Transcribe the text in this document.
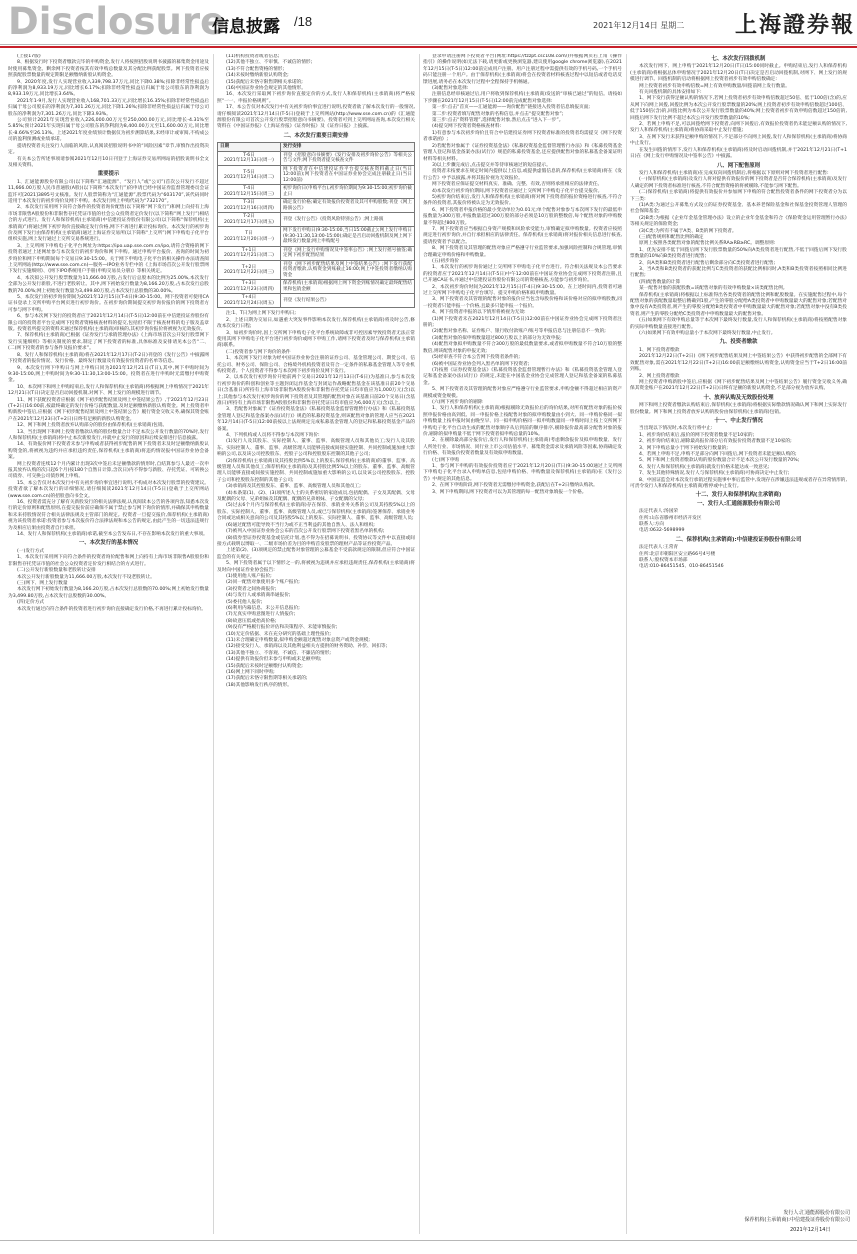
Disclosure
信息披露 /18	2021年12月14日 星期二 上海證券報

(上接17版)

8、根据发行时下投资者缴款完毕的申购资金,发行人将按照招股说明书披露的募集资金用途及时使用募集资金。剩余网下投资者按其有效申购总数量及其分配比例获配股票。网下投资者应按照获配股票数量的规定期限足额缴纳新股认购资金。

9、2020年度,发行人实现营业收入339,798.37万元,同比下降0.38%;扣除非经常性损益后的净利润为8,933.19万元,同比增长6.17%;扣除非经常性损益后归属于母公司股东的净利润为8,933.19万元,同比增长3.64%。

2021年1-9月,发行人实现营业收入168,701.33万元,同比增长16.35%;扣除非经常性损益后归属于母公司股东的净利润为7,301.26万元,同比下降1.26%;扣除非经常性损益后归属于母公司股东的净利润为7,301.26万元,同比下降3.93%。

公司预计2021年实现营业收入226,000.00万元至250,000.00万元,同比增长-4.31%至5.85%;预计2021年实现归属于母公司股东的净利润为8,400.00万元至11,600.00万元,同比增长-8.66%至26.13%。上述2021年度业绩预计数据仅为初步测算结果,未经审计或审阅,不构成公司的盈利预测或业绩承诺。

提请投资者关注发行人面临的风险,认真阅读招股说明书中的“风险因素”章节,审慎作出投资决定。

有关本公告所述事项请参阅2021年12月10日刊登于上海证券交易所网站的招股说明书全文及相关资料。

重要提示

1、汇通能源股份有限公司(以下简称“汇通能源”、“发行人”或“公司”)首次公开发行不超过11,666.00万股人民币普通股(A股)(以下简称“本次发行”)的申请已经中国证券监督管理委员会证监许可[2021]3895号文核准。发行人股票简称为“汇通能源”,股票代码为“603170”,该代码同时适用于本次发行的初步询价及网下申购。本次发行网上申购代码为“732170”。

2、本次发行采用网下向符合条件的投资者询价配售(以下简称“网下发行”)和网上向持有上海市场非限售A股股份和非限售存托凭证市值的社会公众投资者定价发行(以下简称“网上发行”)相结合的方式进行。发行人和保荐机构(主承销商)中信建投证券股份有限公司(以下简称“保荐机构(主承销商)”)将通过网下初步询价直接确定发行价格,网下不再进行累计投标询价。本次发行的初步询价及网下发行由保荐机构(主承销商)通过上海证券交易所(以下简称“上交所”)网下申购电子化平台组织实施,网上发行通过上交所交易系统进行。

3、上交所网下申购电子化平台网址为:https://ipo.uap.sse.com.cn/ipo,请符合资格的网下投资者通过上述网址参与本次发行的初步询价和网下申购。通过申购平台报价、查询的时间为初步询价和网下申购期间每个交易日9:30-15:00。关于网下申购电子化平台的相关操作办法请查阅上交所网站(http://www.sse.com.cn)—服务—IPO业务专栏中的《上海市场首次公开发行股票网下发行实施细则》、《网下IPO系统用户手册(申购交易员分册)》等相关规定。

4、本次拟公开发行股票数量为11,666.00万股,占发行后总股本的比例为25.00%,本次发行全部为公开发行新股,不进行老股转让。其中,网下初始发行数量为8,166.20万股,占本次发行总股数的70.00%;网上初始发行数量为3,499.80万股,占本次发行总股数的30.00%。

5、本次发行的初步询价期间为2021年12月15日(T-4日)9:30-15:00。网下投资者可使用CA证书登录上交所申购平台网页进行初步询价。在初步询价期间提交初步询价报价的网下投资者方可参与网下申购。

6、参与本次网下发行的投资者应于2021年12月14日(T-5日)12:00前在中信建投证券股份有限公司的投资者平台完成网下投资者资格核查材料的提交,包括但不限于核查材料的电子版及盖章版。投资者所提交的资料未通过保荐机构(主承销商)审核的,其初步询价报价将被视为无效报价。

7、保荐机构(主承销商)已根据《证券发行与承销管理办法》《上海市场首次公开发行股票网下发行实施细则》等相关制度的要求,制定了网下投资者的标准,具体标准及安排请见本公告“二、(二)网下投资者的参与条件及报价要求”。

8、发行人和保荐机构(主承销商)将在2021年12月17日(T-2日)刊登的《发行公告》中披露网下投资者的报价情况、发行价格、最终发行数量及有效报价投资者的名单等信息。

9、本次发行网下申购日与网上申购日同为2021年12月21日(T日),其中,网下申购时间为9:30-15:00,网上申购时间为9:30-11:30,13:00-15:00。投资者在进行申购时无需缴付申购资金。

10、本次网下和网上申购结束后,发行人和保荐机构(主承销商)将根据网上申购情况于2021年12月21日(T日)决定是否启动回拨机制,对网下、网上发行的规模进行调节。

11、网下获配投资者应根据《网下初步配售结果及网上中签结果公告》,于2021年12月23日(T+2日)16:00前,按最终确定的发行价格与获配数量,及时足额缴纳新股认购资金。网上投资者申购新股中签后,应根据《网下初步配售结果及网上中签结果公告》履行资金交收义务,确保其资金账户在2021年12月23日(T+2日)日终有足额的新股认购资金。

12、网下和网上投资者放弃认购部分的股份由保荐机构(主承销商)包销。

13、当出现网下和网上投资者缴款认购的股份数量合计不足本次公开发行数量的70%时,发行人和保荐机构(主承销商)将中止本次新股发行,并就中止发行的原因和后续安排进行信息披露。

14、有效报价网下投资者未参与申购或者获得初步配售的网下投资者未及时足额缴纳新股认购资金的,将被视为违约并应承担违约责任,保荐机构(主承销商)将违约情况报中国证券业协会备案。

网上投资者连续12个月内累计出现3次中签后未足额缴款的情形时,自结算参与人最近一次申报其放弃认购的次日起6个月(按180个自然日计算,含次日)内不得参与新股、存托凭证、可转换公司债券、可交换公司债券网上申购。

15、本公告仅对本次发行中有关初步询价事宜进行说明,不构成对本次发行股票的投资建议。投资者欲了解本次发行的详细情况,请仔细阅读2021年12月14日(T-5日)登载于上交所网站(www.sse.com.cn)的招股意向书全文。

16、投资者需充分了解有关新股发行的相关法律法规,认真阅读本公告的各项内容,知悉本次发行的定价原则和配售原则,在提交报价前应确保不属于禁止参与网下询价的情形,并确保其申购数量和未来持股情况符合相关法律法规及主管部门的规定。投资者一旦提交报价,保荐机构(主承销商)视为该投资者承诺:投资者参与本次报价符合法律法规和本公告的规定,由此产生的一切违法违规行为及相应后果由投资者自行承担。

14、发行人和保荐机构(主承销商)承诺,截至本公告发布日,不存在影响本次发行的重大事项。

一、本次发行的基本情况

(一)发行方式

1、本次发行采用网下向符合条件的投资者询价配售和网上向持有上海市场非限售A股股份和非限售存托凭证市值的社会公众投资者定价发行相结合的方式进行。

(二)公开发行新股数量和老股转让安排

本次公开发行新股数量为11,666.00万股,本次发行不设老股转让。

(三)网下、网上发行数量

本次发行网下初始发行数量为8,166.20万股,占本次发行总股数的70.00%;网上初始发行数量为3,499.80万股,占本次发行总股数的30.00%。

(四)定价方式

本次发行通过向符合条件的投资者进行初步询价直接确定发行价格,不再进行累计投标询价。

(11)机构投资者或者信息;

(12)其他不独立、不审慎、不诚信的情形;

(13)不符合配售资格的情形;

(14)未按时缴纳新股认购资金;

(15)获配后未恪守限售期相关承诺的;

(16)中国证券业协会规定的其他情形。

16、本次发行采取网下初步询价直接定价的方式,发行人和保荐机构(主承销商)将严格按照“一一、申报价格规则”。

17、本公告仅对本次发行中有关初步询价事宜进行说明,投资者欲了解本次发行的一般情况,请仔细阅读2021年12月14日(T-5日)登载于上交所网站(http://www.sse.com.cn)的《汇通能源股份有限公司首次公开发行股票招股意向书摘要》。投资者可到上交所网站查询,本次发行相关资料在《中国证券报》《上海证券报》《证券时报》及《证券日报》上披露。

二、本次发行重要日期安排

日期	发行安排
T-6日
2021年12月13日(周一)	刊登《招股意向书摘要》《发行安排及初步询价公告》等相关公告与文件;网下投资者提交核查文件
T-5日
2021年12月14日(周二)	网下投资者在中信建投证券平台提交核查资料截止日(当日12:00前);网下投资者在中国证券业协会完成注册截止日(当日12:00前)
T-4日
2021年12月15日(周三)	初步询价日(申购平台),初步询价期间为9:30-15:00;初步询价截止日
T-3日
2021年12月16日(周四)	确定发行价格;确定有效报价投资者及其可申购股数;刊登《网上路演公告》
T-2日
2021年12月17日(周五)	刊登《发行公告》《投资风险特别公告》;网上路演
T日
2021年12月20日(周一)	网下发行申购日(9:30-15:00,当日15:00截止);网上发行申购日(9:30-11:30,13:00-15:00);确定是否启动回拨机制及网上网下最终发行数量;网上申购配号
T+1日
2021年12月21日(周二)	刊登《网上发行申购情况及中签率公告》;网上发行摇号抽签;确定网下初步配售结果
T+2日
2021年12月22日(周三)	刊登《网下初步配售结果及网上中签结果公告》;网下发行获配投资者缴款,认购资金到账截止16:00;网上中签投资者缴纳认购资金
T+3日
2021年12月23日(周四)	保荐机构(主承销商)根据网上网下资金到账情况确定最终配售结果和包销金额
T+4日
2021年12月24日(周五)	刊登《发行结果公告》

注:1、T日为网上网下发行申购日;

2、上述日期为交易日,如遇重大突发事件影响本次发行,保荐机构(主承销商)将及时公告,修改本次发行日程;

3、如初步询价时,因上交所网下申购电子化平台系统故障或非可控因素导致投资者无法正常使用其网下申购电子化平台进行初步询价或网下申购工作,请网下投资者及时与保荐机构(主承销商)联系。

(二)投资者参与网下询价的条件

1、本次网下发行对象为经中国证券业协会注册的证券公司、基金管理公司、期货公司、信托公司、财务公司、保险公司、合格境外机构投资者及符合一定条件的私募基金管理人等专业机构投资者。个人投资者不得参与本次网下初步询价及网下发行。

2、以本次发行初步询价开始前两个交易日2021年12月13日(T-6日)为基准日,参与本次发行初步询价的科创和创业等主题封闭运作基金与封闭运作战略配售基金在该基准日前20个交易日(含基准日)所持有上海市场非限售A股股份和非限售存托凭证日均市值应为1,000万元(含)以上;其他参与本次发行初步询价的网下投资者及其管理的配售对象在该基准日前20个交易日(含基准日)所持有上海市场非限售A股股份和非限售存托凭证日均市值应为6,000万元(含)以上。

3、若配售对象属于《证券投资基金法》《私募投资基金监督管理暂行办法》和《私募投资基金管理人登记和基金备案办法(试行)》规范的私募投资基金,则该配售对象的管理人应当在2021年12月14日(T-5日)12:00前按以上法规规定完成私募基金管理人的登记和私募投资基金产品的备案。

4、下列机构或人员将不得参与本次网下询价:

(1)发行人及其股东、实际控制人、董事、监事、高级管理人员和其他员工;发行人及其股东、实际控制人、董事、监事、高级管理人员能够直接或间接实施控制、共同控制或施加重大影响的公司,以及该公司控股股东、控股子公司和控股股东控制的其他子公司;

(2)保荐机构(主承销商)及其持股比例5%以上的股东,保荐机构(主承销商)的董事、监事、高级管理人员和其他员工;保荐机构(主承销商)及其持股比例5%以上的股东、董事、监事、高级管理人员能够直接或间接实施控制、共同控制或施加重大影响的公司,以及该公司控股股东、控股子公司和控股股东控制的其他子公司;

(3)承销商及其控股股东、董事、监事、高级管理人员和其他员工;

(4)本条第(1)、(2)、(3)项所述人士的关系密切的家庭成员,包括配偶、子女及其配偶、父母及配偶的父母、兄弟姐妹及其配偶、配偶的兄弟姐妹、子女配偶的父母;

(5)过去6个月内与保荐机构(主承销商)存在保荐、承销业务关系的公司及其持股5%以上的股东、实际控制人、董事、监事、高级管理人员,或已与保荐机构(主承销商)签署保荐、承销业务合同或达成相关意向的公司及其持股5%以上的股东、实际控制人、董事、监事、高级管理人员;

(6)通过配售可能导致不当行为或不正当利益的其他自然人、法人和组织;

(7)被列入中国证券业协会公布的首次公开发行股票网下投资者黑名单的机构;

(8)债券型证券投资基金或信托计划,也不得为在招募说明书、投资协议等文件中以直接或间接方式载明以博取一、二级市场价差为目的申购首发股票的理财产品等证券投资产品。

上述第(2)、(3)项规定的禁止配售对象管理的公募基金不受前款规定的限制,但应符合中国证监会的有关规定。

5、网下投资者属于以下情形之一的,将被视为违规并应承担违规责任,保荐机构(主承销商)将及时向中国证券业协会报告:

(1)使用他人账户报价;

(2)同一配售对象使用多个账户报价;

(3)投资者之间协商报价;

(4)与发行人或承销商串通报价;

(5)委托他人报价;

(6)利用内幕信息、未公开信息报价;

(7)无真实申购意图进行人情报价;

(8)故意压低或抬高价格;

(9)没有严格履行报价评估和决策程序、未能审慎报价;

(10)无定价依据、未在充分研究的基础上理性报价;

(11)未合理确定申购数量,拟申购金额超过配售对象总资产或资金规模;

(12)接受发行人、承销商以及其他利益相关方提供的财务资助、补偿、回扣等;

(13)其他不独立、不客观、不诚信、不廉洁的情形;

(14)提供有效报价但未参与申购或未足额申购;

(15)获配后未按时足额缴付认购资金;

(16)网上网下同时申购;

(17)获配后未恪守限售期等相关承诺的;

(18)其他影响发行秩序的情形。

登录申请注册网下投资者平台(网址:https://tzzpt.csc108.com/)并根据网页右上角《操作指引》的操作说明(如无法下载,请更新或更换浏览器,建议使用google chrome浏览器),在2021年12月15日(T-5日)12:00前完成用户注册。用户注册过程中需提供有效的手机号码,一个手机号码只能注册一个用户。由于保荐机构(主承销商)将会在投资者材料核查过程中以短信或者电话反馈进展,请务必在本次发行过程中全程保持手机畅通。

(3)配售对象选择:

注册信息经审核通过后,用户将收到保荐机构(主承销商)发送的“审核已通过”的短信。请按如下步骤在2021年12月15日(T-5日)12:00前完成配售对象选择:

第一步:点击“首页——汇通能源——询价配售”链接进入投资者信息填报页面;

第二步:投资者填写配售对象的名称信息,并点击“提交配售对象”;

第三步:点击“资料管理”,选择配售对象,然后点击“进入下一步”。

(4)提交网下投资者资格核查材料:

1)有意参与本次初步询价且符合中信建投证券网下投资者标准的投资者均需提交《网下投资者承诺函》;

2)若配售对象属于《证券投资基金法》《私募投资基金监督管理暂行办法》和《私募投资基金管理人登记和基金备案办法(试行)》规范的私募投资基金,还应提供配售对象的私募基金备案证明材料等相关材料。

3)以上步骤完成后,点击提交并等待审核通过的短信提示。

投资者未按要求在规定时间内提供以上信息,或提供虚假信息的,保荐机构(主承销商)将在《发行公告》中予以披露,并将其报价视为无效报价。

网下投资者应保证提交材料真实、准确、完整、有效,否则将承担相应的法律责任。

4)本次发行初步询价期间,网下投资者应通过上交所网下申购电子化平台提交报价。

5)初步询价结束后,发行人和保荐机构(主承销商)将对网下投资者的报价资格进行核查,不符合条件的投资者,其报价将被认定为无效报价。

6、网下投资者申报价格的最小变动单位为0.01元;单个配售对象参与本次网下发行的最低申报数量为300万股,申报数量超过300万股的部分必须是10万股的整数倍,每个配售对象的申购数量不得超过800万股。

7、网下投资者应当根据自身资产规模和风险承受能力,审慎确定拟申购数量。投资者应按照规定进行初步询价,并自行承担相应的法律责任。保荐机构(主承销商)将对报价相关信息进行核查,提请投资者予以配合。

8、网下投资者及其管理的配售对象应严格遵守行业监管要求,加强风险控制和合规管理,审慎合理确定申购价格和申购数量。

(五)初步询价

1、本次发行的初步询价通过上交所网下申购电子化平台进行。符合相关法规及本公告要求的投资者应于2021年12月14日(T-5日)中午12:00前在中国证券业协会完成网下投资者注册,且已开通CA证书,并通过中信建投证券股份有限公司的资格核查,方能参与初步询价。

2、本次初步询价时间为2021年12月15日(T-4日)9:30-15:00。在上述时间内,投资者可通过上交所网下申购电子化平台填写、提交申购价格和拟申购数量。

3、网下投资者及其管理的配售对象的报价应当包含每股价格和该价格对应的拟申购股数,同一投资者只能申报一个价格,且最多只能申报一个报价。

4、网下投资者申报的以下情形将被视为无效:

(1)网下投资者未在2021年12月14日(T-5日)12:00前在中国证券业协会完成网下投资者注册的;

(2)配售对象名称、证券账户、银行收付款账户/账号等申报信息与注册信息不一致的;

(3)配售对象的拟申购数量超过800万股以上的部分为无效申报;

(4)配售对象拟申购数量不符合300万股的最低数量要求,或者拟申购数量不符合10万股的整数倍,则该配售对象的申报无效;

(5)经审查不符合本公告网下投资者条件的;

(6)被中国证券业协会列入黑名单的网下投资者;

(7)按照《证券投资基金法》《私募投资基金监督管理暂行办法》和《私募投资基金管理人登记和基金备案办法(试行)》的规定,未能在中国基金业协会完成管理人登记和基金备案的私募基金。

5、网下投资者及其管理的配售对象应严格遵守行业监管要求,申购金额不得超过相应的资产规模或资金规模。

(六)网下初步询价的剔除

1、发行人和保荐机构(主承销商)根据剔除无效报价后的询价结果,对所有配售对象的报价按照申报价格由高到低、同一申报价格上按配售对象的拟申购数量由小到大、同一申购价格同一拟申购数量上按申报时间由晚至早、同一拟申购价格同一拟申购数量同一申购时间上按上交所网下申购电子化平台自动生成的配售对象顺序从后到前的顺序排序,剔除报价最高部分配售对象的报价,剔除的拟申购量不低于网下投资者拟申购总量的10%。

2、在剔除最高部分报价后,发行人和保荐机构(主承销商)考虑剩余报价及拟申购数量、发行人所处行业、市场情况、同行业上市公司估值水平、募集资金需求及承销风险等因素,协商确定发行价格、有效报价投资者数量及有效拟申购数量。

(七)网下申购

1、参与网下申购的有效报价投资者应于2021年12月20日(T日)9:30-15:00通过上交所网下申购电子化平台录入申购单信息,包括申购价格、申购数量及保荐机构(主承销商)在《发行公告》中规定的其他信息。

2、在网下申购阶段,网下投资者无需缴付申购资金,获配后在T+2日缴纳认购款。

3、网下申购期间,网下投资者可以为其管理的每一配售对象填报一个价格。

七、本次发行回拨机制

本次发行网下、网上申购于2021年12月20日(T日)15:00同时截止。申购结束后,发行人和保荐机构(主承销商)将根据总体申购情况于2021年12月20日(T日)决定是否启动回拨机制,对网下、网上发行的规模进行调节。回拨机制的启动将根据网上投资者初步有效申购倍数确定:

网上投资者初步有效申购倍数=网上有效申购数量/回拨前网上发行数量。

有关回拨机制的具体安排如下:

1、网下发行获得足额认购的情况下,若网上投资者初步有效申购倍数超过50倍、低于100倍(含)的,应从网下向网上回拨,回拨比例为本次公开发行股票数量的20%;网上投资者初步有效申购倍数超过100倍、低于150倍(含)的,回拨比例为本次公开发行股票数量的40%;网上投资者初步有效申购倍数超过150倍的,回拨后网下发行比例不超过本次公开发行股票数量的10%;

2、若网上申购不足,可以回拨给网下投资者,向网下回拨后,有效报价投资者仍未能足额认购的情况下,发行人和保荐机构(主承销商)将协商采取中止发行措施;

3、在网下发行未获得足额申购的情况下,不足部分不向网上回拨,发行人和保荐机构(主承销商)将协商中止发行。

在发生回拨的情形下,发行人和保荐机构(主承销商)将及时启动回拨机制,并于2021年12月21日(T+1日)在《网上发行申购情况及中签率公告》中披露。

八、网下配售原则

发行人和保荐机构(主承销商)在完成双向回拨机制后,将根据以下原则对网下投资者进行配售:

(一)保荐机构(主承销商)及发行人将对提供有效报价的网下投资者是否符合保荐机构(主承销商)及发行人确定的网下投资者标准进行核查,不符合配售资格的将被剔除,不能参与网下配售。

(二)保荐机构(主承销商)将提供有效报价并参加网下申购的符合配售投资者条件的网下投资者分为以下三类:

(1)A类:为通过公开募集方式设立的证券投资基金、基本养老保险基金和社保基金投资管理人管理的社会保障基金;

(2)B类:为根据《企业年金基金管理办法》设立的企业年金基金和符合《保险资金运用管理暂行办法》等相关规定的保险资金;

(3)C类:为所有不属于A类、B类的网下投资者。

(三)配售规则和配售比例的确定

原则上按照各类配售对象的配售比例关系RA≥RB≥RC。调整原则:

1、优先安排不低于回拨后网下发行股票数量的50%向A类投资者进行配售,不低于回拨后网下发行股票数量的10%向B类投资者进行配售;

2、向A类和B类投资者进行配售后剩余部分向C类投资者进行配售;

3、当A类和B类投资者的获配比例与C类投资者的获配比例相同时,A类和B类投资者按照相同比例进行配售;

(四)配售数量的计算

某一配售对象的获配股数=该配售对象的有效申购数量×该类配售比例。

保荐机构(主承销商)将根据以上标准得出各类投资者的配售比例和配股数量。在实施配售过程中,每个配售对象的获配数量取整后精确到1股,产生的零股分配给A类投资者中申购数量最大的配售对象;若配售对象中没有A类投资者,则产生的零股分配给B类投资者中申购数量最大的配售对象;若配售对象中没有B类投资者,则产生的零股分配给C类投资者中申购数量最大的配售对象。

(五)如果网下有效申购总量等于本次网下最终发行数量,发行人和保荐机构(主承销商)将按照配售对象的实际申购数量直接进行配售。

(六)如果网下有效申购总量小于本次网下最终发行数量,中止发行。

九、投资者缴款

1、网下投资者缴款

2021年12月22日(T+2日)《网下初步配售结果及网上中签结果公告》中获得初步配售的全部网下有效配售对象,需在2021年12月22日(T+2日)16:00前足额缴纳认购资金,认购资金应当于T+2日16:00前到账。

2、网上投资者缴款

网上投资者申购新股中签后,应根据《网下初步配售结果及网上中签结果公告》履行资金交收义务,确保其资金账户在2021年12月22日(T+2日)日终有足额的新股认购资金,不足部分视为放弃认购。

十、放弃认购及无效股份处理

网下和网上投资者缴款认购结束后,保荐机构(主承销商)将根据实际缴款情况确认网下和网上实际发行股份数量。网下和网上投资者放弃认购的股份由保荐机构(主承销商)包销。

十一、中止发行情况

当出现以下情况时,本次发行将中止:

1、初步询价结束后,报价的网下投资者数量不足10家的;

2、初步询价结束后,剔除最高报价部分后有效报价投资者数量不足10家的;

3、网下申购总量小于网下初始发行数量的;

4、若网上申购不足,申购不足部分向网下回拨后,网下投资者未能足额认购的;

5、网下和网上投资者缴款认购的股份数量合计不足本次公开发行数量的70%;

6、发行人和保荐机构(主承销商)就发行价格未能达成一致意见;

7、发生其他特殊情况,发行人与保荐机构(主承销商)可协商决定中止发行;

8、中国证监会对本次发行承销过程实施事中事后监管中,发现存在涉嫌违法违规或者存在异常情形的,可责令发行人和保荐机构(主承销商)暂停或中止发行。

十二、发行人和保荐机构(主承销商)

一、发行人:汇通能源股份有限公司

法定代表人:汤国荣

住所:山东省滕州市经济开发区

联系人:方向

电话:0632-5698999

二、保荐机构(主承销商):中信建投证券股份有限公司

法定代表人:王常青

住所:北京市朝阳区安立路66号4号楼

联系人:股权资本市场部

电话:010-86451545、010-86451546

发行人:汇通能源股份有限公司
保荐机构(主承销商):中信建投证券股份有限公司
2021年12月14日
